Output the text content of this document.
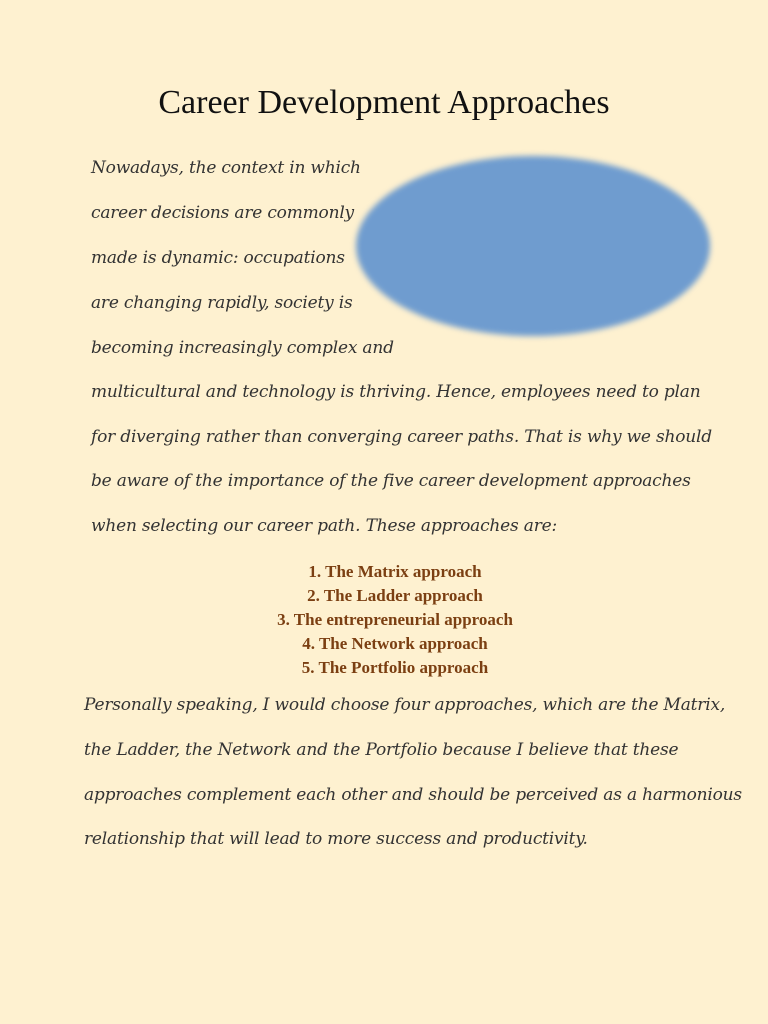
Career Development Approaches
Nowadays, the context in which
career decisions are commonly
made is dynamic: occupations
are changing rapidly, society is
becoming increasingly complex and
multicultural and technology is thriving. Hence, employees need to plan
for diverging rather than converging career paths. That is why we should
be aware of the importance of the five career development approaches
when selecting our career path. These approaches are:
1. The Matrix approach
2. The Ladder approach
3. The entrepreneurial approach
4. The Network approach
5. The Portfolio approach
Personally speaking, I would choose four approaches, which are the Matrix,
the Ladder, the Network and the Portfolio because I believe that these
approaches complement each other and should be perceived as a harmonious
relationship that will lead to more success and productivity.
